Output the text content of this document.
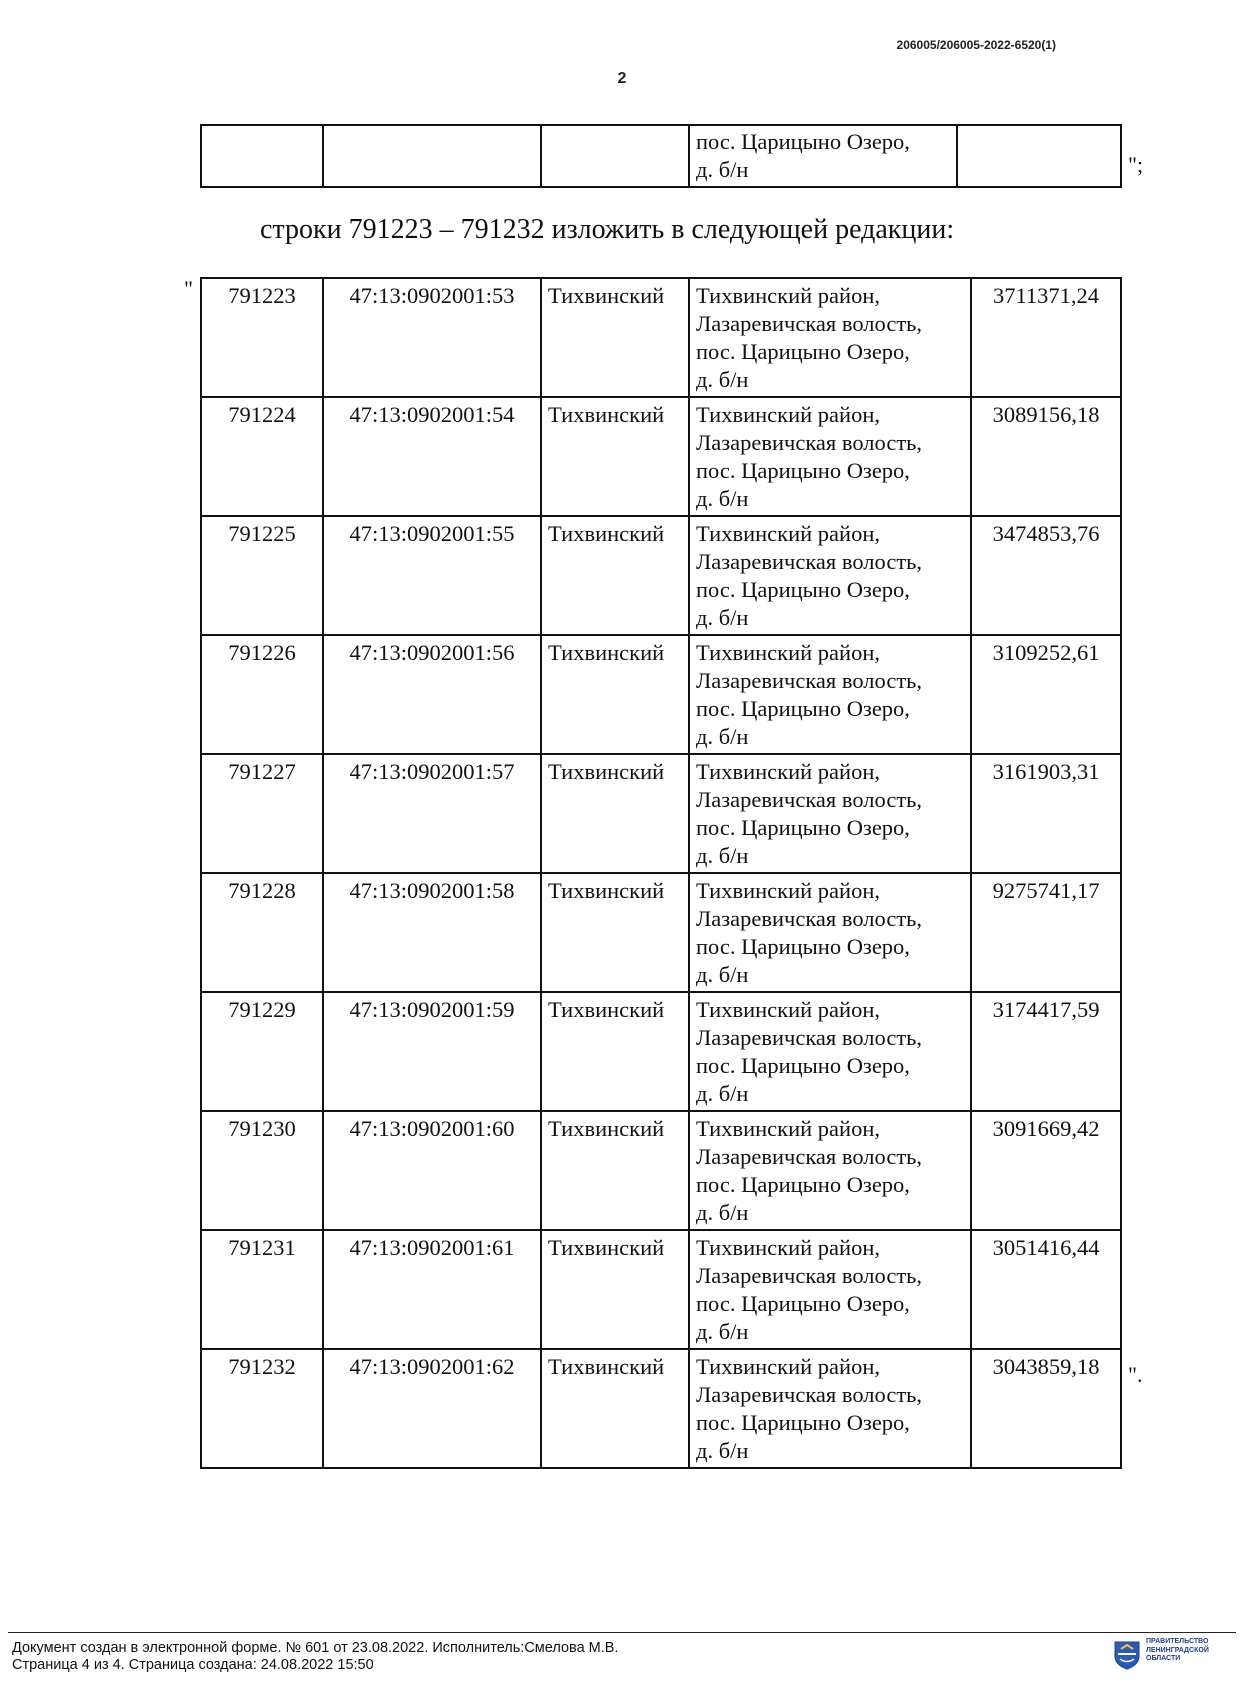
206005/206005-2022-6520(1)
2
			пос. Царицыно Озеро,
д. б/н		";
строки 791223 – 791232 изложить в следующей редакции:
" 791223	47:13:0902001:53	Тихвинский	Тихвинский район,
Лазаревичская волость,
пос. Царицыно Озеро,
д. б/н	3711371,24
791224	47:13:0902001:54	Тихвинский	Тихвинский район,
Лазаревичская волость,
пос. Царицыно Озеро,
д. б/н	3089156,18
791225	47:13:0902001:55	Тихвинский	Тихвинский район,
Лазаревичская волость,
пос. Царицыно Озеро,
д. б/н	3474853,76
791226	47:13:0902001:56	Тихвинский	Тихвинский район,
Лазаревичская волость,
пос. Царицыно Озеро,
д. б/н	3109252,61
791227	47:13:0902001:57	Тихвинский	Тихвинский район,
Лазаревичская волость,
пос. Царицыно Озеро,
д. б/н	3161903,31
791228	47:13:0902001:58	Тихвинский	Тихвинский район,
Лазаревичская волость,
пос. Царицыно Озеро,
д. б/н	9275741,17
791229	47:13:0902001:59	Тихвинский	Тихвинский район,
Лазаревичская волость,
пос. Царицыно Озеро,
д. б/н	3174417,59
791230	47:13:0902001:60	Тихвинский	Тихвинский район,
Лазаревичская волость,
пос. Царицыно Озеро,
д. б/н	3091669,42
791231	47:13:0902001:61	Тихвинский	Тихвинский район,
Лазаревичская волость,
пос. Царицыно Озеро,
д. б/н	3051416,44
791232	47:13:0902001:62	Тихвинский	Тихвинский район,
Лазаревичская волость,
пос. Царицыно Озеро,
д. б/н	3043859,18 ".
Документ создан в электронной форме. № 601 от 23.08.2022. Исполнитель:Смелова М.В.
Страница 4 из 4. Страница создана: 24.08.2022 15:50
ПРАВИТЕЛЬСТВО
ЛЕНИНГРАДСКОЙ
ОБЛАСТИ
